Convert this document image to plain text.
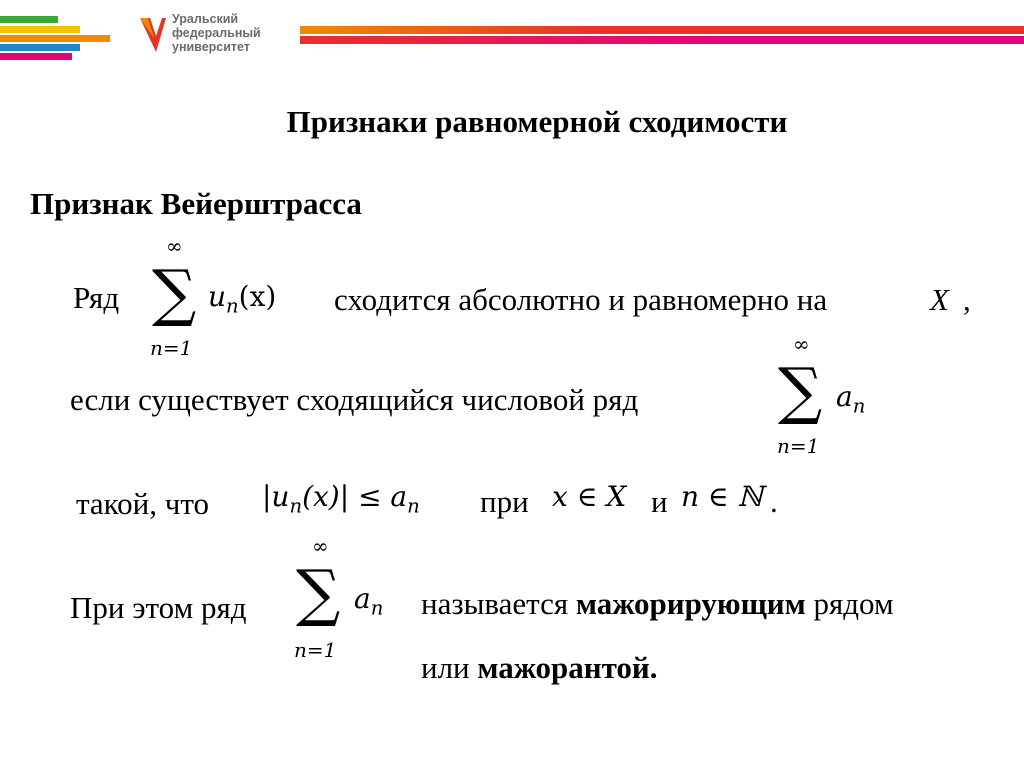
Уральский
федеральный
университет
Признаки равномерной сходимости
Признак Вейерштрасса
Ряд
∞
∑
n=1
$u_n(x)$ сходится абсолютно и равномерно на	X ,
если существует сходящийся числовой ряд
∞
∑
n=1
$a_n$
такой, что $|u_n(x)| \le a_n$ при x ∈ X и n ∈ ℕ .
При этом ряд
∞
∑
n=1
$a_n$ называется мажорирующим рядом
или мажорантой.
